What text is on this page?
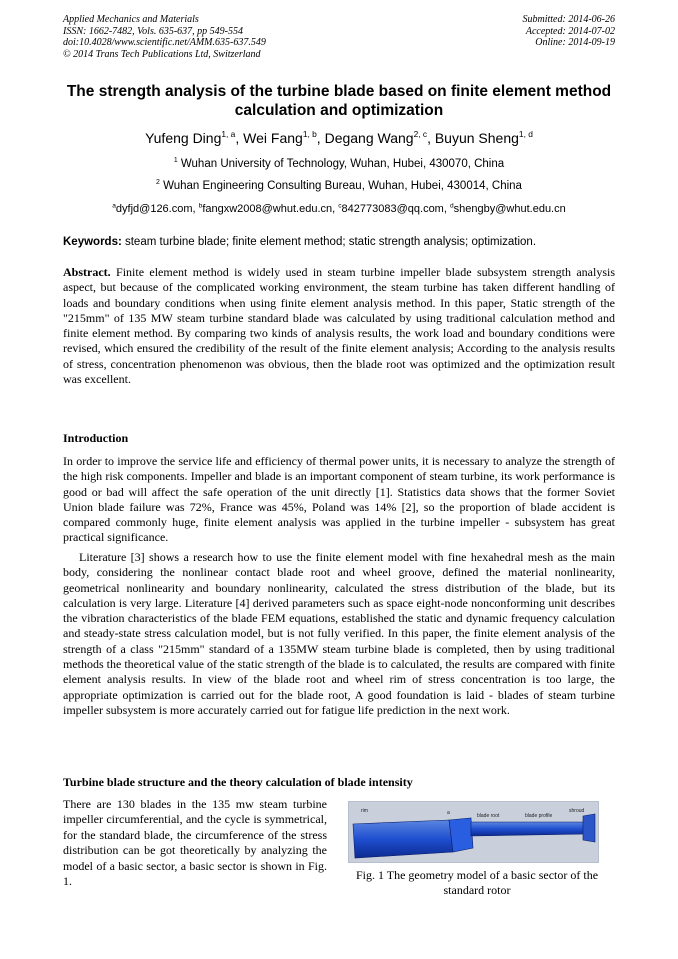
Applied Mechanics and Materials
ISSN: 1662-7482, Vols. 635-637, pp 549-554
doi:10.4028/www.scientific.net/AMM.635-637.549
© 2014 Trans Tech Publications Ltd, Switzerland
Submitted: 2014-06-26
Accepted: 2014-07-02
Online: 2014-09-19
The strength analysis of the turbine blade based on finite element method calculation and optimization
Yufeng Ding$^{1, a}$, Wei Fang$^{1, b}$, Degang Wang$^{2, c}$, Buyun Sheng$^{1, d}$
$^1$ Wuhan University of Technology, Wuhan, Hubei, 430070, China
$^2$ Wuhan Engineering Consulting Bureau, Wuhan, Hubei, 430014, China
$^a$dyfjd@126.com, $^b$fangxw2008@whut.edu.cn, $^c$842773083@qq.com, $^d$shengby@whut.edu.cn
Keywords: steam turbine blade; finite element method; static strength analysis; optimization.
Abstract. Finite element method is widely used in steam turbine impeller blade subsystem strength analysis aspect, but because of the complicated working environment, the steam turbine has taken different handling of loads and boundary conditions when using finite element analysis method. In this paper, Static strength of the "215mm" of 135 MW steam turbine standard blade was calculated by using traditional calculation method and finite element method. By comparing two kinds of analysis results, the work load and boundary conditions were revised, which ensured the credibility of the result of the finite element analysis; According to the analysis results of stress, concentration phenomenon was obvious, then the blade root was optimized and the optimization result was excellent.
Introduction
In order to improve the service life and efficiency of thermal power units, it is necessary to analyze the strength of the high risk components. Impeller and blade is an important component of steam turbine, its work performance is good or bad will affect the safe operation of the unit directly [1]. Statistics data shows that the former Soviet Union blade failure was 72%, France was 45%, Poland was 14% [2], so the proportion of blade accident is compared commonly huge, finite element analysis was applied in the turbine impeller - subsystem has great practical significance.
Literature [3] shows a research how to use the finite element model with fine hexahedral mesh as the main body, considering the nonlinear contact blade root and wheel groove, defined the material nonlinearity, geometrical nonlinearity and boundary nonlinearity, calculated the stress distribution of the blade, but its calculation is very large. Literature [4] derived parameters such as space eight-node nonconforming unit describes the vibration characteristics of the blade FEM equations, established the static and dynamic frequency calculation and steady-state stress calculation model, but is not fully verified. In this paper, the finite element analysis of the strength of a class "215mm" standard of a 135MW steam turbine blade is completed, then by using traditional methods the theoretical value of the static strength of the blade is to calculated, the results are compared with finite element analysis results. In view of the blade root and wheel rim of stress concentration is too large, the appropriate optimization is carried out for the blade root, A good foundation is laid - blades of steam turbine impeller subsystem is more accurately carried out for fatigue life prediction in the next work.
Turbine blade structure and the theory calculation of blade intensity
There are 130 blades in the 135 mw steam turbine impeller circumferential, and the cycle is symmetrical, for the standard blade, the circumference of the stress distribution can be got theoretically by analyzing the model of a basic sector, a basic sector is shown in Fig. 1.
rim	a	blade root	blade profile
shroud
Fig. 1 The geometry model of a basic sector of the standard rotor
